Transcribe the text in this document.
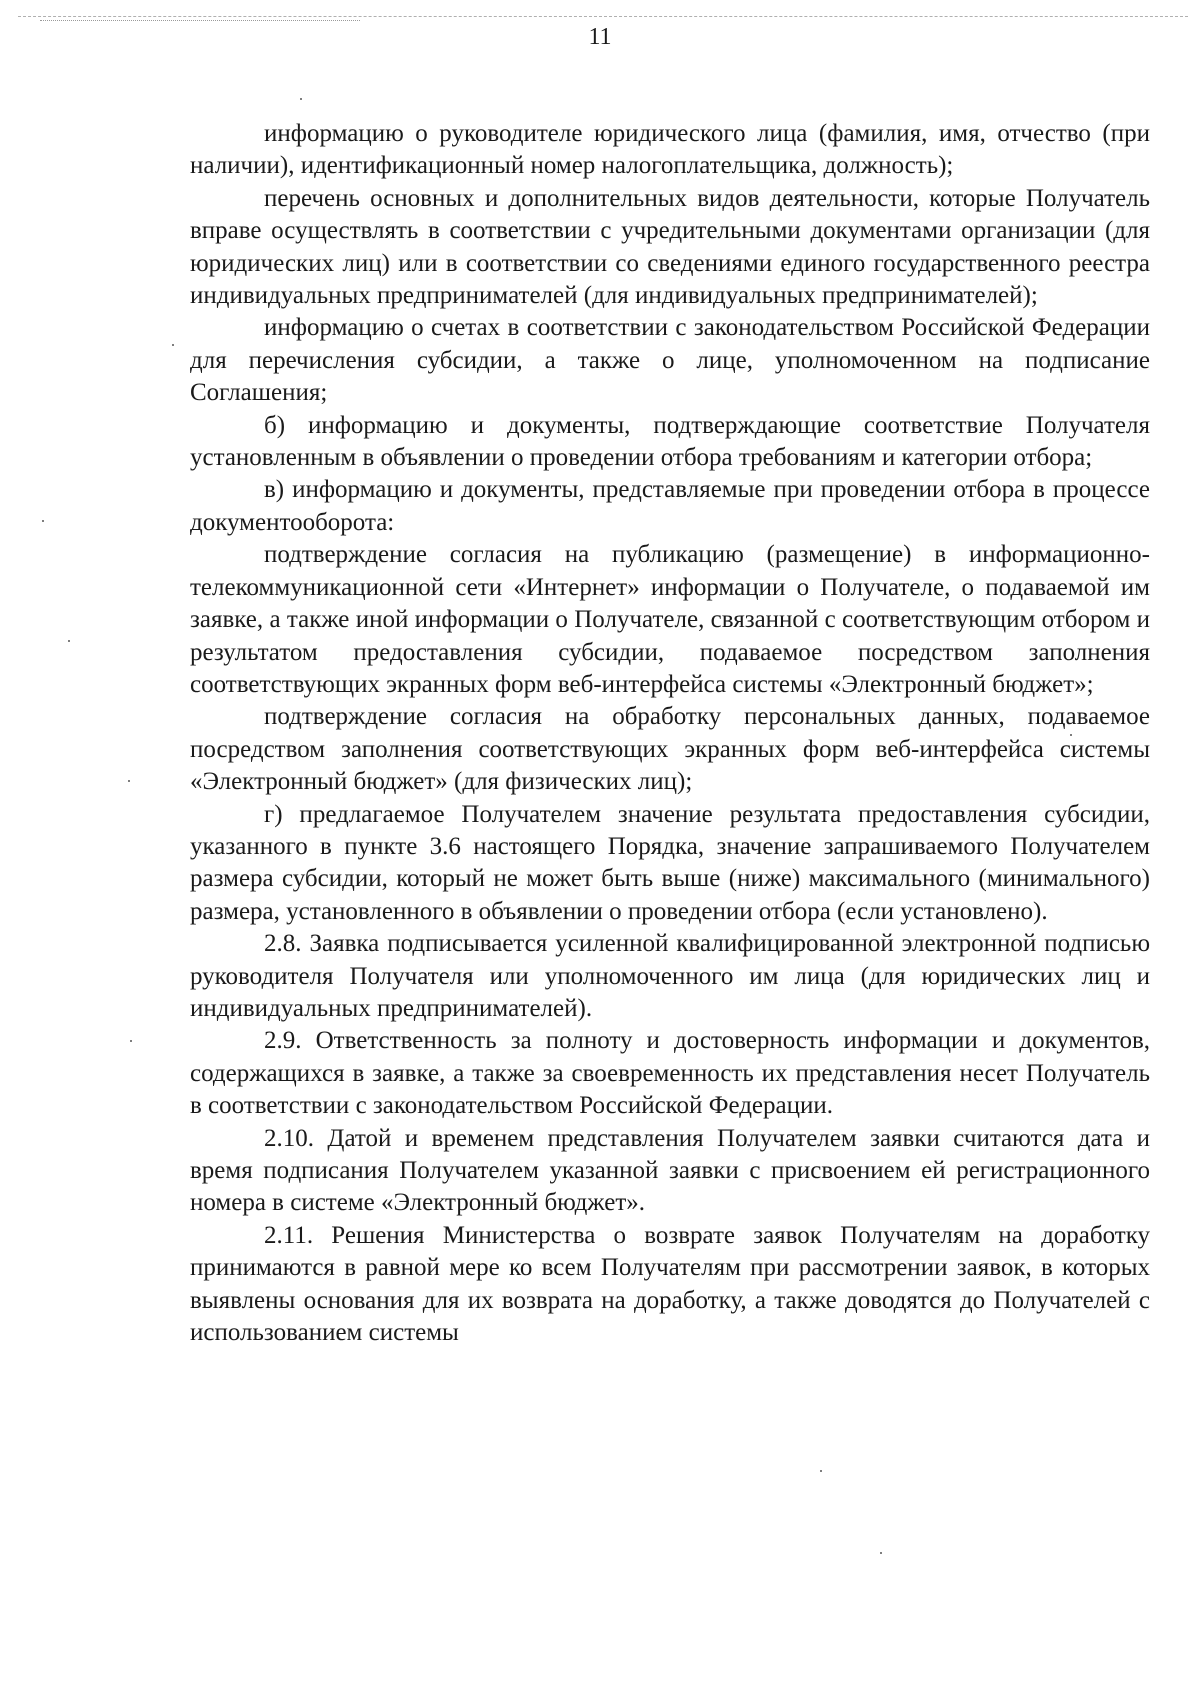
11

информацию о руководителе юридического лица (фамилия, имя, отчество (при наличии), идентификационный номер налогоплательщика, должность);

перечень основных и дополнительных видов деятельности, которые Получатель вправе осуществлять в соответствии с учредительными документами организации (для юридических лиц) или в соответствии со сведениями единого государственного реестра индивидуальных предпринимателей (для индивидуальных предпринимателей);

информацию о счетах в соответствии с законодательством Российской Федерации для перечисления субсидии, а также о лице, уполномоченном на подписание Соглашения;

б) информацию и документы, подтверждающие соответствие Получателя установленным в объявлении о проведении отбора требованиям и категории отбора;

в) информацию и документы, представляемые при проведении отбора в процессе документооборота:

подтверждение согласия на публикацию (размещение) в информационно-телекоммуникационной сети «Интернет» информации о Получателе, о подаваемой им заявке, а также иной информации о Получателе, связанной с соответствующим отбором и результатом предоставления субсидии, подаваемое посредством заполнения соответствующих экранных форм веб-интерфейса системы «Электронный бюджет»;

подтверждение согласия на обработку персональных данных, подаваемое посредством заполнения соответствующих экранных форм веб-интерфейса системы «Электронный бюджет» (для физических лиц);

г) предлагаемое Получателем значение результата предоставления субсидии, указанного в пункте 3.6 настоящего Порядка, значение запрашиваемого Получателем размера субсидии, который не может быть выше (ниже) максимального (минимального) размера, установленного в объявлении о проведении отбора (если установлено).

2.8. Заявка подписывается усиленной квалифицированной электронной подписью руководителя Получателя или уполномоченного им лица (для юридических лиц и индивидуальных предпринимателей).

2.9. Ответственность за полноту и достоверность информации и документов, содержащихся в заявке, а также за своевременность их представления несет Получатель в соответствии с законодательством Российской Федерации.

2.10. Датой и временем представления Получателем заявки считаются дата и время подписания Получателем указанной заявки с присвоением ей регистрационного номера в системе «Электронный бюджет».

2.11. Решения Министерства о возврате заявок Получателям на доработку принимаются в равной мере ко всем Получателям при рассмотрении заявок, в которых выявлены основания для их возврата на доработку, а также доводятся до Получателей с использованием системы
